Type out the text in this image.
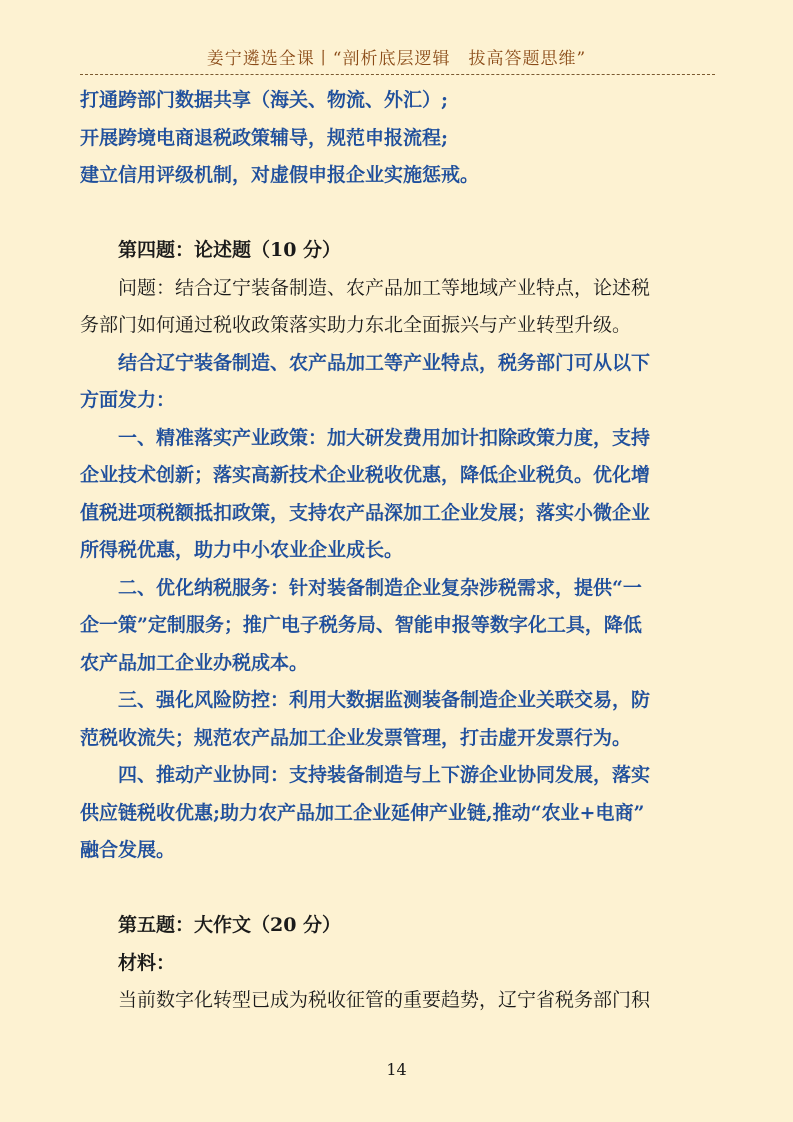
姜宁遴选全课丨“剖析底层逻辑　拔高答题思维”

打通跨部门数据共享（海关、物流、外汇）;

开展跨境电商退税政策辅导，规范申报流程;

建立信用评级机制，对虚假申报企业实施惩戒。

第四题：论述题（10 分）

问题：结合辽宁装备制造、农产品加工等地域产业特点，论述税

务部门如何通过税收政策落实助力东北全面振兴与产业转型升级。

结合辽宁装备制造、农产品加工等产业特点，税务部门可从以下

方面发力：

一、精准落实产业政策：加大研发费用加计扣除政策力度，支持

企业技术创新；落实高新技术企业税收优惠，降低企业税负。优化增

值税进项税额抵扣政策，支持农产品深加工企业发展；落实小微企业

所得税优惠，助力中小农业企业成长。

二、优化纳税服务：针对装备制造企业复杂涉税需求，提供“一

企一策”定制服务；推广电子税务局、智能申报等数字化工具，降低

农产品加工企业办税成本。

三、强化风险防控：利用大数据监测装备制造企业关联交易，防

范税收流失；规范农产品加工企业发票管理，打击虚开发票行为。

四、推动产业协同：支持装备制造与上下游企业协同发展，落实

供应链税收优惠;助力农产品加工企业延伸产业链,推动“农业+电商”

融合发展。

第五题：大作文（20 分）

材料：

当前数字化转型已成为税收征管的重要趋势，辽宁省税务部门积

14
